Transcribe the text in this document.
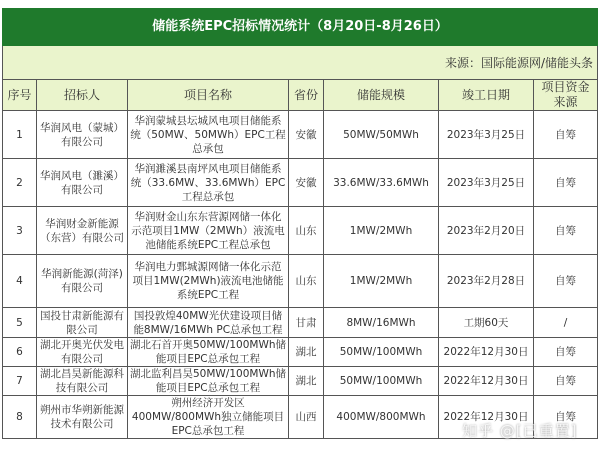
储能系统EPC招标情况统计（8月20日-8月26日）						
来源：国际能源网/储能头条						
序号	招标人	项目名称	省份	储能规模	竣工日期	项目资金来源
1	华润风电（蒙城）有限公司	华润蒙城县坛城风电项目储能系统（50MW、50MWh）EPC工程总承包	安徽	50MW/50MWh	2023年3月25日	自筹
2	华润风电（濉溪）有限公司	华润濉溪县南坪风电项目储能系统（33.6MW、33.6MWh）EPC工程总承包	安徽	33.6MW/33.6MWh	2023年3月25日	自筹
3	华润财金新能源（东营）有限公司	华润财金山东东营源网储一体化示范项目1MW（2MWh）液流电池储能系统EPC工程总承包	山东	1MW/2MWh	2023年2月20日	自筹
4	华润新能源(菏泽)有限公司	华润电力鄄城源网储一体化示范项目1MW(2MWh)液流电池储能系统EPC工程	山东	1MW/2MWh	2023年2月28日	自筹
5	国投甘肃新能源有限公司	国投敦煌40MW光伏建设项目储能8MW/16MWh PC总承包工程	甘肃	8MW/16MWh	工期60天	/
6	湖北开奥光伏发电有限公司	湖北石首开奥50MW/100MWh储能项目EPC总承包工程	湖北	50MW/100MWh	2022年12月30日	自筹
7	湖北昌昊新能源科技有限公司	湖北监利昌昊50MW/100MWh储能项目EPC总承包工程	湖北	50MW/100MWh	2022年12月30日	自筹
8	朔州市华朔新能源技术有限公司	朔州经济开发区400MW/800MWh独立储能项目EPC总承包工程	山西	400MW/800MWh	2022年12月30日	自筹
知乎 @[已重置]
